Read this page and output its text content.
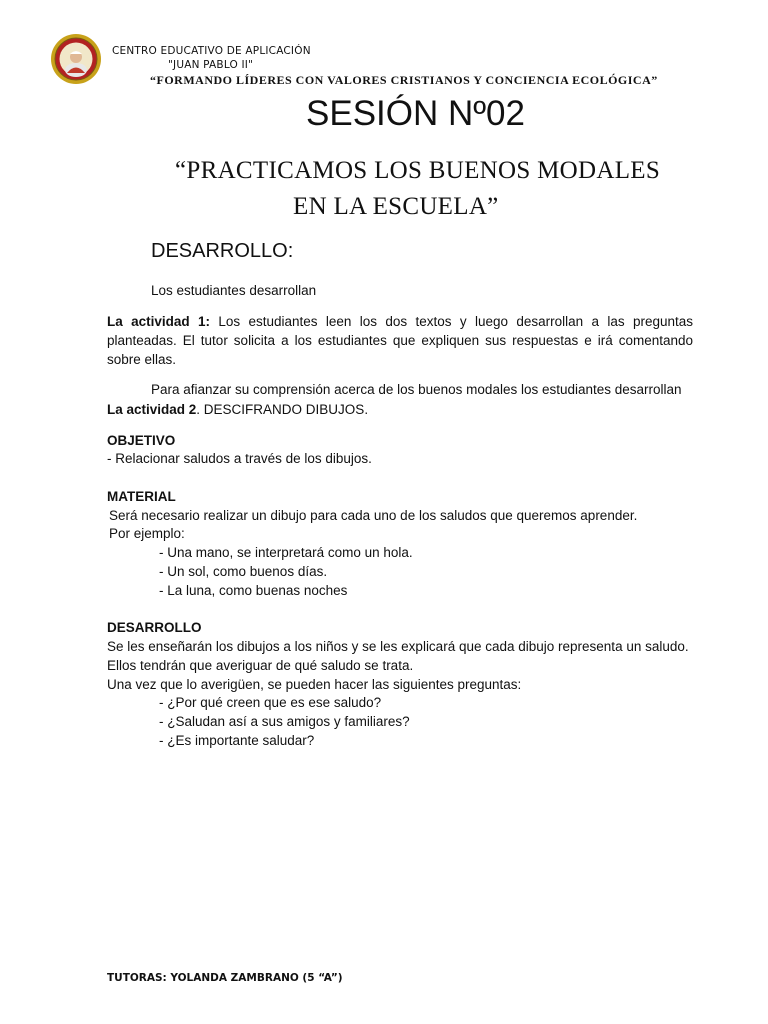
CENTRO EDUCATIVO DE APLICACIÓN
"JUAN PABLO II"
“FORMANDO LÍDERES CON VALORES CRISTIANOS Y CONCIENCIA ECOLÓGICA”
SESIÓN Nº02
“PRACTICAMOS LOS BUENOS MODALES
EN LA ESCUELA”
DESARROLLO:
Los estudiantes desarrollan
La actividad 1: Los estudiantes leen los dos textos y luego desarrollan a las preguntas planteadas. El tutor solicita a los estudiantes que expliquen sus respuestas e irá comentando sobre ellas.
Para afianzar su comprensión acerca de los buenos modales los estudiantes desarrollan
La actividad 2. DESCIFRANDO DIBUJOS.
OBJETIVO
- Relacionar saludos a través de los dibujos.
MATERIAL
Será necesario realizar un dibujo para cada uno de los saludos que queremos aprender.
Por ejemplo:
- Una mano, se interpretará como un hola.
- Un sol, como buenos días.
- La luna, como buenas noches
DESARROLLO
Se les enseñarán los dibujos a los niños y se les explicará que cada dibujo representa un saludo.
Ellos tendrán que averiguar de qué saludo se trata.
Una vez que lo averigüen, se pueden hacer las siguientes preguntas:
- ¿Por qué creen que es ese saludo?
- ¿Saludan así a sus amigos y familiares?
- ¿Es importante saludar?
TUTORAS: YOLANDA ZAMBRANO (5 “A”)
